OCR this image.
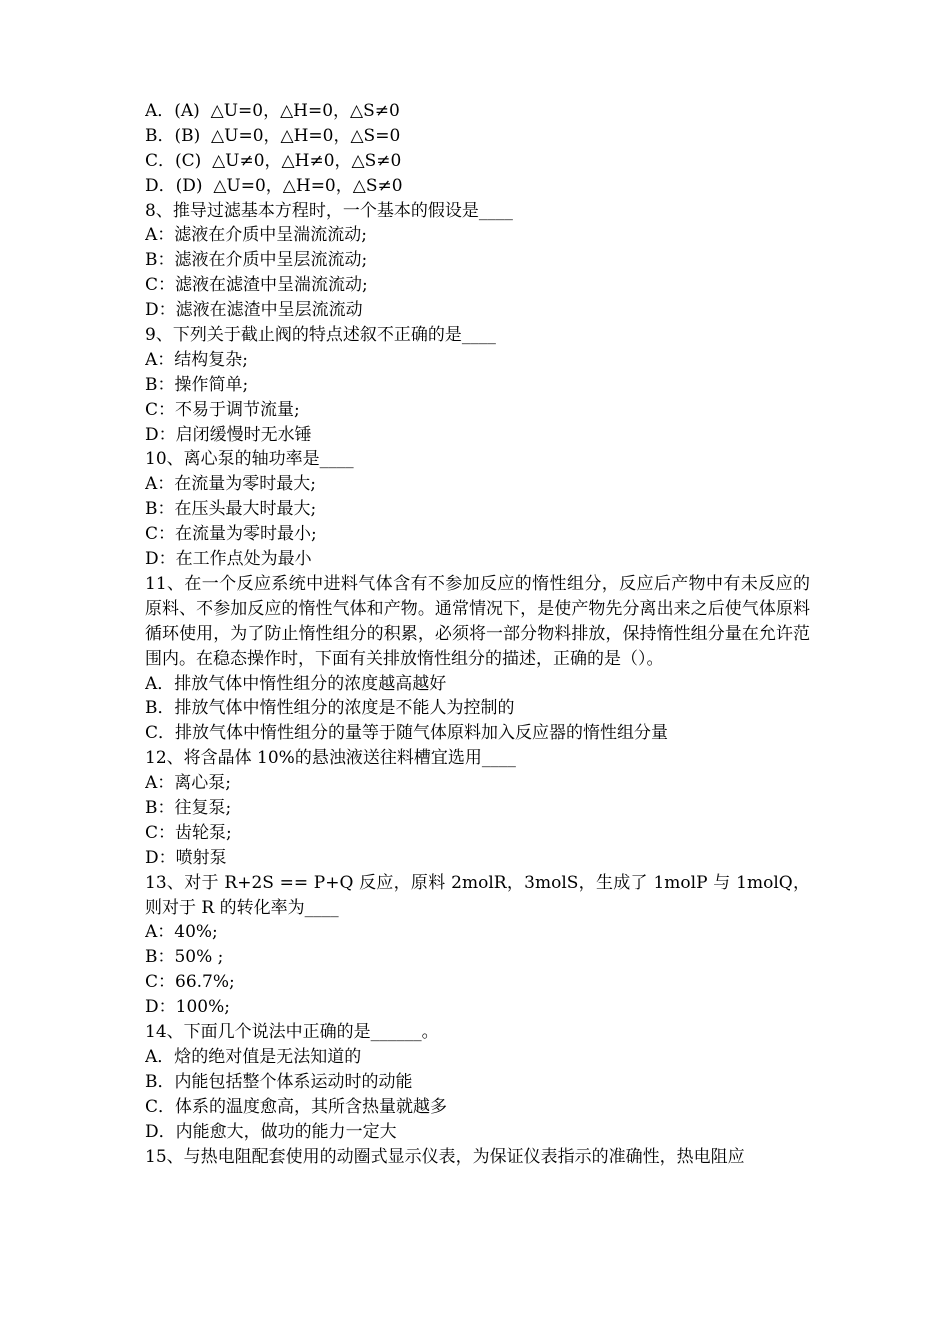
A．(A)  △U=0，△H=0，△S≠0
B．(B)  △U=0，△H=0，△S=0
C．(C)  △U≠0，△H≠0，△S≠0
D．(D)  △U=0，△H=0，△S≠0
8、推导过滤基本方程时，一个基本的假设是____
A：滤液在介质中呈湍流流动;
B：滤液在介质中呈层流流动;
C：滤液在滤渣中呈湍流流动;
D：滤液在滤渣中呈层流流动
9、下列关于截止阀的特点述叙不正确的是____
A：结构复杂;
B：操作简单;
C：不易于调节流量;
D：启闭缓慢时无水锤
10、离心泵的轴功率是____
A：在流量为零时最大;
B：在压头最大时最大;
C：在流量为零时最小;
D：在工作点处为最小
11、在一个反应系统中进料气体含有不参加反应的惰性组分，反应后产物中有未反应的原料、不参加反应的惰性气体和产物。通常情况下，是使产物先分离出来之后使气体原料循环使用，为了防止惰性组分的积累，必须将一部分物料排放，保持惰性组分量在允许范围内。在稳态操作时，下面有关排放惰性组分的描述，正确的是（）。
A．排放气体中惰性组分的浓度越高越好
B．排放气体中惰性组分的浓度是不能人为控制的
C．排放气体中惰性组分的量等于随气体原料加入反应器的惰性组分量
12、将含晶体 10%的悬浊液送往料槽宜选用____
A：离心泵;
B：往复泵;
C：齿轮泵;
D：喷射泵
13、对于 R+2S == P+Q 反应，原料 2molR，3molS，生成了 1molP 与 1molQ，则对于 R 的转化率为____
A：40%;
B：50% ;
C：66.7%;
D：100%;
14、下面几个说法中正确的是______。
A．焓的绝对值是无法知道的
B．内能包括整个体系运动时的动能
C．体系的温度愈高，其所含热量就越多
D．内能愈大，做功的能力一定大
15、与热电阻配套使用的动圈式显示仪表，为保证仪表指示的准确性，热电阻应
